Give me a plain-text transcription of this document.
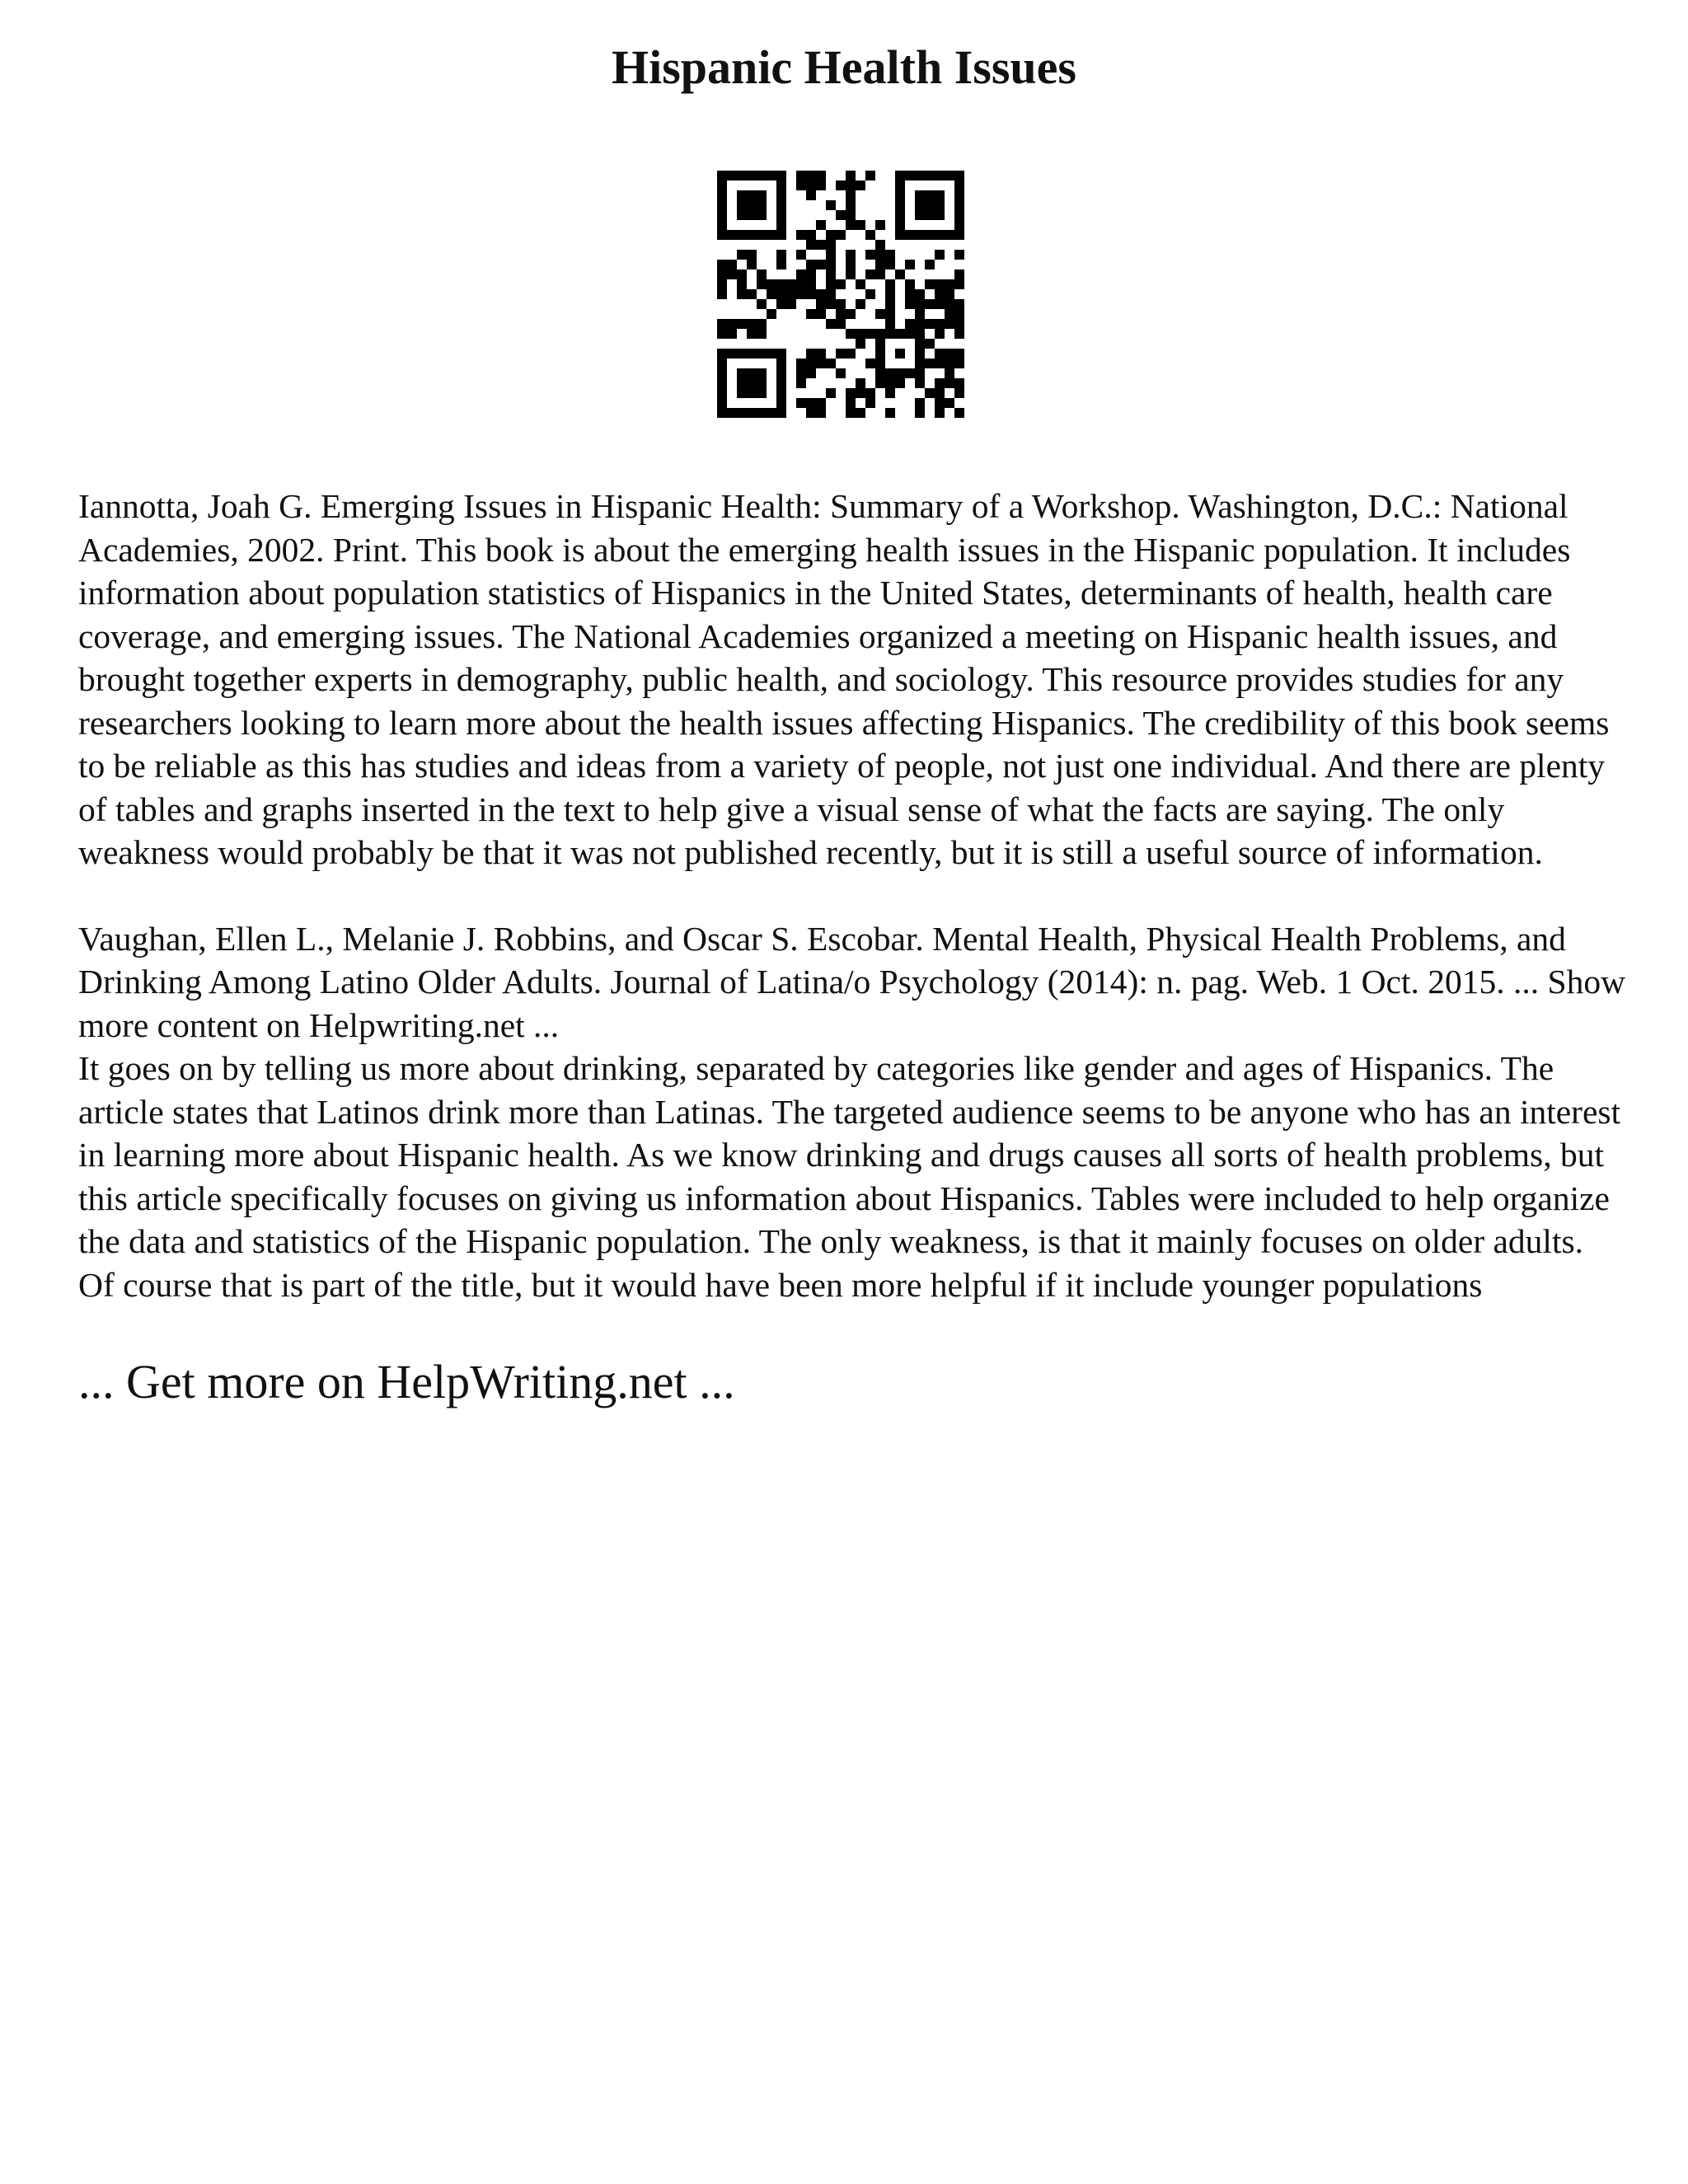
Hispanic Health Issues

Iannotta, Joah G. Emerging Issues in Hispanic Health: Summary of a Workshop. Washington, D.C.: National Academies, 2002. Print. This book is about the emerging health issues in the Hispanic population. It includes information about population statistics of Hispanics in the United States, determinants of health, health care coverage, and emerging issues. The National Academies organized a meeting on Hispanic health issues, and brought together experts in demography, public health, and sociology. This resource provides studies for any researchers looking to learn more about the health issues affecting Hispanics. The credibility of this book seems to be reliable as this has studies and ideas from a variety of people, not just one individual. And there are plenty of tables and graphs inserted in the text to help give a visual sense of what the facts are saying. The only weakness would probably be that it was not published recently, but it is still a useful source of information.

Vaughan, Ellen L., Melanie J. Robbins, and Oscar S. Escobar. Mental Health, Physical Health Problems, and Drinking Among Latino Older Adults. Journal of Latina/o Psychology (2014): n. pag. Web. 1 Oct. 2015. ... Show more content on Helpwriting.net ...

It goes on by telling us more about drinking, separated by categories like gender and ages of Hispanics. The article states that Latinos drink more than Latinas. The targeted audience seems to be anyone who has an interest in learning more about Hispanic health. As we know drinking and drugs causes all sorts of health problems, but this article specifically focuses on giving us information about Hispanics. Tables were included to help organize the data and statistics of the Hispanic population. The only weakness, is that it mainly focuses on older adults. Of course that is part of the title, but it would have been more helpful if it include younger populations

... Get more on HelpWriting.net ...
